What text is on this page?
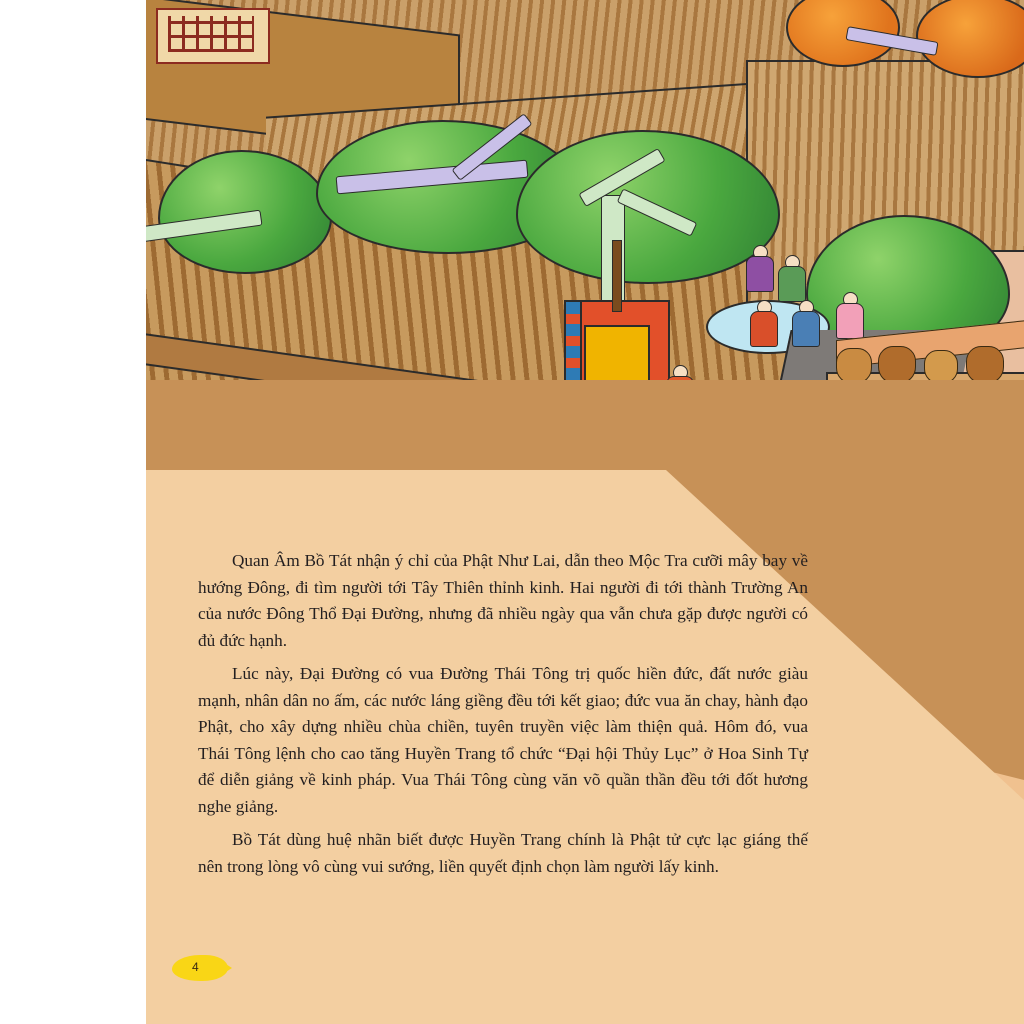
Quan Âm Bồ Tát nhận ý chỉ của Phật Như Lai, dẫn theo Mộc Tra cưỡi mây bay về hướng Đông, đi tìm người tới Tây Thiên thỉnh kinh. Hai người đi tới thành Trường An của nước Đông Thổ Đại Đường, nhưng đã nhiều ngày qua vẫn chưa gặp được người có đủ đức hạnh.

Lúc này, Đại Đường có vua Đường Thái Tông trị quốc hiền đức, đất nước giàu mạnh, nhân dân no ấm, các nước láng giềng đều tới kết giao; đức vua ăn chay, hành đạo Phật, cho xây dựng nhiều chùa chiền, tuyên truyền việc làm thiện quả. Hôm đó, vua Thái Tông lệnh cho cao tăng Huyền Trang tổ chức “Đại hội Thủy Lục” ở Hoa Sinh Tự để diễn giảng về kinh pháp. Vua Thái Tông cùng văn võ quần thần đều tới đốt hương nghe giảng.

Bồ Tát dùng huệ nhãn biết được Huyền Trang chính là Phật tử cực lạc giáng thế nên trong lòng vô cùng vui sướng, liền quyết định chọn làm người lấy kinh.

4
